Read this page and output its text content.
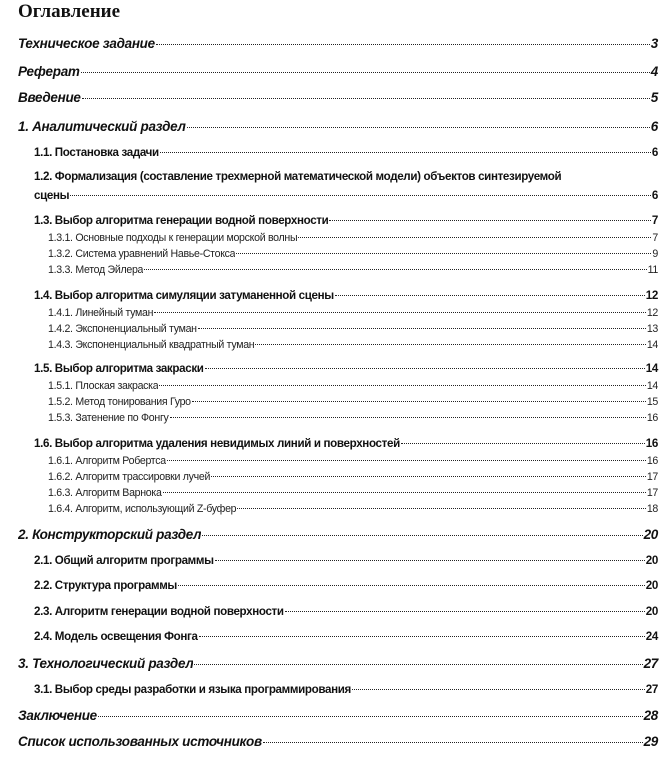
Оглавление
Техническое задание	3
Реферат	4
Введение	5
1. Аналитический раздел	6
1.1. Постановка задачи	6
1.2. Формализация (составление трехмерной математической модели) объектов синтезируемой
сцены	6
1.3. Выбор алгоритма генерации водной поверхности	7
1.3.1. Основные подходы к генерации морской волны	7
1.3.2. Система уравнений Навье-Стокса	9
1.3.3. Метод Эйлера	11
1.4. Выбор алгоритма симуляции затуманенной сцены	12
1.4.1. Линейный туман	12
1.4.2. Экспоненциальный туман	13
1.4.3. Экспоненциальный квадратный туман	14
1.5. Выбор алгоритма закраски	14
1.5.1. Плоская закраска	14
1.5.2. Метод тонирования Гуро	15
1.5.3. Затенение по Фонгу	16
1.6. Выбор алгоритма удаления невидимых линий и поверхностей	16
1.6.1. Алгоритм Робертса	16
1.6.2. Алгоритм трассировки лучей	17
1.6.3. Алгоритм Варнока	17
1.6.4. Алгоритм, использующий Z-буфер	18
2. Конструкторский раздел	20
2.1. Общий алгоритм программы	20
2.2. Структура программы	20
2.3. Алгоритм генерации водной поверхности	20
2.4. Модель освещения Фонга	24
3. Технологический раздел	27
3.1. Выбор среды разработки и языка программирования	27
Заключение	28
Список использованных источников	29
